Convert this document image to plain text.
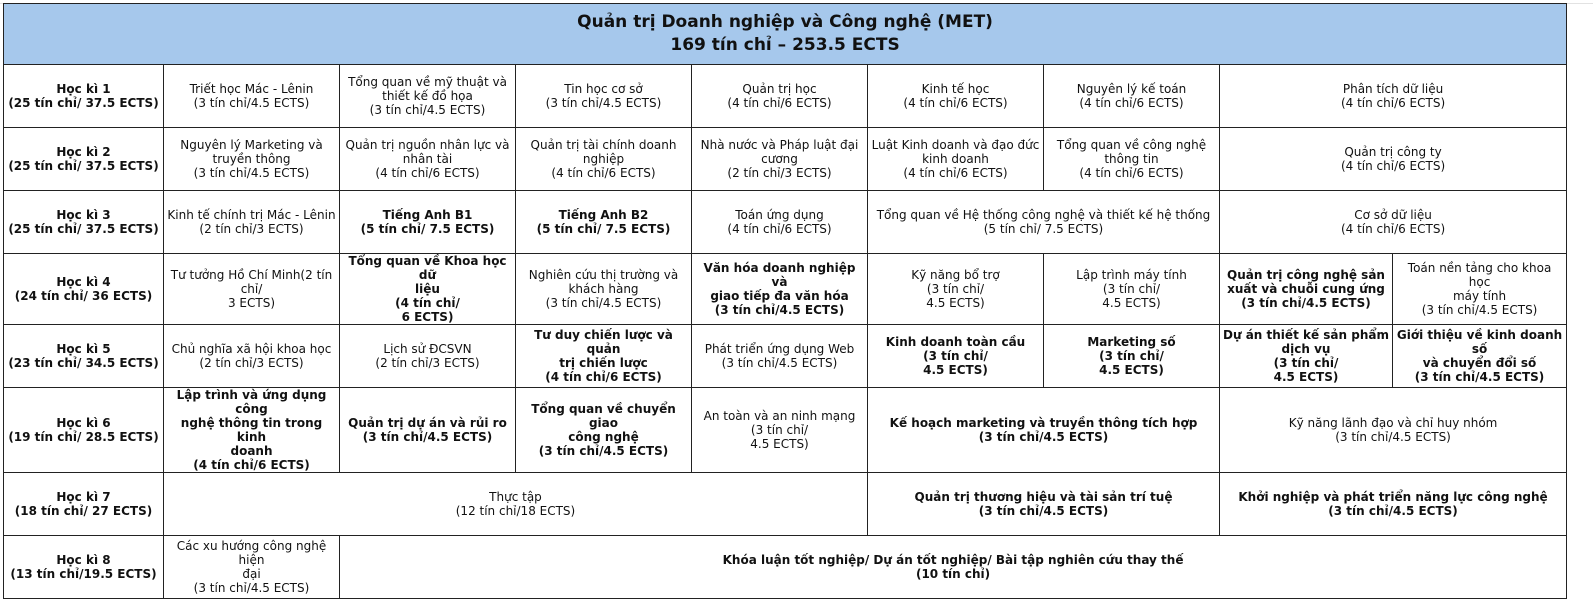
Quản trị Doanh nghiệp và Công nghệ (MET)
169 tín chỉ – 253.5 ECTS								

Học kì 1
(25 tín chỉ/ 37.5 ECTS)	Triết học Mác - Lênin
(3 tín chỉ/4.5 ECTS)	Tổng quan về mỹ thuật và
thiết kế đồ họa
(3 tín chỉ/4.5 ECTS)	Tin học cơ sở
(3 tín chỉ/4.5 ECTS)	Quản trị học
(4 tín chỉ/6 ECTS)	Kinh tế học
(4 tín chỉ/6 ECTS)	Nguyên lý kế toán
(4 tín chỉ/6 ECTS)	Phân tích dữ liệu
(4 tín chỉ/6 ECTS)	

Học kì 2
(25 tín chỉ/ 37.5 ECTS)	Nguyên lý Marketing và
truyền thông
(3 tín chỉ/4.5 ECTS)	Quản trị nguồn nhân lực và
nhân tài
(4 tín chỉ/6 ECTS)	Quản trị tài chính doanh
nghiệp
(4 tín chỉ/6 ECTS)	Nhà nước và Pháp luật đại
cương
(2 tín chỉ/3 ECTS)	Luật Kinh doanh và đạo đức
kinh doanh
(4 tín chỉ/6 ECTS)	Tổng quan về công nghệ
thông tin
(4 tín chỉ/6 ECTS)	Quản trị công ty
(4 tín chỉ/6 ECTS)	

Học kì 3
(25 tín chỉ/ 37.5 ECTS)	Kinh tế chính trị Mác - Lênin
(2 tín chỉ/3 ECTS)	Tiếng Anh B1
(5 tín chỉ/ 7.5 ECTS)	Tiếng Anh B2
(5 tín chỉ/ 7.5 ECTS)	Toán ứng dụng
(4 tín chỉ/6 ECTS)	Tổng quan về Hệ thống công nghệ và thiết kế hệ thống
(5 tín chỉ/ 7.5 ECTS)		Cơ sở dữ liệu
(4 tín chỉ/6 ECTS)	

Học kì 4
(24 tín chỉ/ 36 ECTS)	Tư tưởng Hồ Chí Minh(2 tín
chỉ/
3 ECTS)	Tổng quan về Khoa học dữ
liệu
(4 tín chỉ/
6 ECTS)	Nghiên cứu thị trường và
khách hàng
(3 tín chỉ/4.5 ECTS)	Văn hóa doanh nghiệp và
giao tiếp đa văn hóa
(3 tín chỉ/4.5 ECTS)	Kỹ năng bổ trợ
(3 tín chỉ/
4.5 ECTS)	Lập trình máy tính
(3 tín chỉ/
4.5 ECTS)	Quản trị công nghệ sản
xuất và chuỗi cung ứng
(3 tín chỉ/4.5 ECTS)	Toán nền tảng cho khoa học
máy tính
(3 tín chỉ/4.5 ECTS)

Học kì 5
(23 tín chỉ/ 34.5 ECTS)	Chủ nghĩa xã hội khoa học
(2 tín chỉ/3 ECTS)	Lịch sử ĐCSVN
(2 tín chỉ/3 ECTS)	Tư duy chiến lược và quản
trị chiến lược
(4 tín chỉ/6 ECTS)	Phát triển ứng dụng Web
(3 tín chỉ/4.5 ECTS)	Kinh doanh toàn cầu
(3 tín chỉ/
4.5 ECTS)	Marketing số
(3 tín chỉ/
4.5 ECTS)	Dự án thiết kế sản phẩm
dịch vụ
(3 tín chỉ/
4.5 ECTS)	Giới thiệu về kinh doanh số
và chuyển đổi số
(3 tín chỉ/4.5 ECTS)

Học kì 6
(19 tín chỉ/ 28.5 ECTS)	Lập trình và ứng dụng công
nghệ thông tin trong kinh
doanh
(4 tín chỉ/6 ECTS)	Quản trị dự án và rủi ro
(3 tín chỉ/4.5 ECTS)	Tổng quan về chuyển giao
công nghệ
(3 tín chỉ/4.5 ECTS)	An toàn và an ninh mạng
(3 tín chỉ/
4.5 ECTS)	Kế hoạch marketing và truyền thông tích hợp
(3 tín chỉ/4.5 ECTS)		Kỹ năng lãnh đạo và chỉ huy nhóm
(3 tín chỉ/4.5 ECTS)	

Học kì 7
(18 tín chỉ/ 27 ECTS)	Thực tập
(12 tín chỉ/18 ECTS)				Quản trị thương hiệu và tài sản trí tuệ
(3 tín chỉ/4.5 ECTS)		Khởi nghiệp và phát triển năng lực công nghệ
(3 tín chỉ/4.5 ECTS)	

Học kì 8
(13 tín chỉ/19.5 ECTS)	Các xu hướng công nghệ hiện
đại
(3 tín chỉ/4.5 ECTS)	Khóa luận tốt nghiệp/ Dự án tốt nghiệp/ Bài tập nghiên cứu thay thế
(10 tín chỉ)						
